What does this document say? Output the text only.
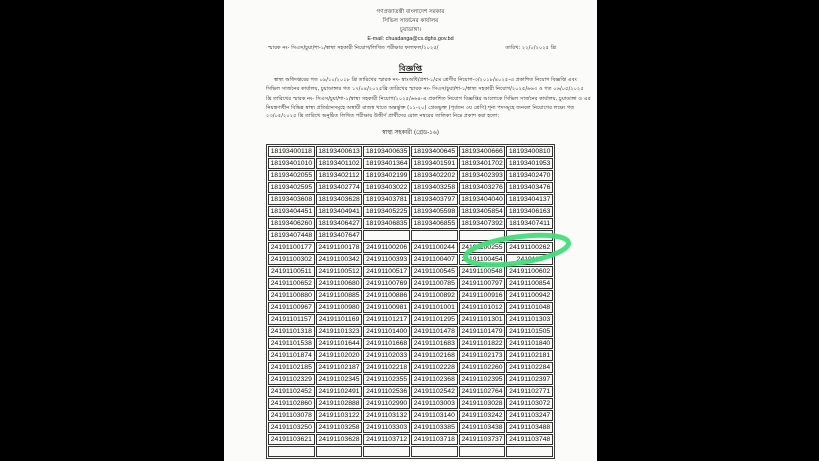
গণপ্রজাতন্ত্রী বাংলাদেশ সরকার
সিভিল সার্জনের কার্যালয়
চুয়াডাঙ্গা।
E-mail: chuadanga@cs.dghs.gov.bd
স্মারক নং- সিএস/চুয়া/শা-১/স্বাস্থ্য সহকারী নিয়োগ/লিখিত পরীক্ষার ফলাফল/২০২৫/	তারিখ: ২২/০/২০২৫ খ্রি
বিজ্ঞপ্তি
স্বাস্থ্য অধিদপ্তরের গত ০৯/১০/২০১৮ খ্রি তারিখের স্মারক নং- স্বাঃঅধি/প্রশা-১/৫ম শ্রেণীর নিয়োগ-৩/২০১৮/৪০২৫-এ প্রকাশিত নিয়োগ বিজ্ঞপ্তি এবং
সিভিল সার্জনের কার্যালয়, চুয়াডাঙ্গার গত ১৭/০৪/২০২৫খ্রি তারিখের স্মারক নং- সিএস/চুয়া/শা-১/স্বাস্থ্য সহকারী নিয়োগ/২০২৫/৬৬৩ ও গত ০৬/০৫/২০২৫
খ্রি তারিখের স্মারক নং- সিএস/চুয়া/শা-১/স্বাস্থ্য সহকারী নিয়োগ/২০২৫/৬৬৪-এ প্রকাশিত নিয়োগ বিজ্ঞপ্তির আলোকে সিভিল সার্জনের কার্যালয়, চুয়াডাঙ্গা ও এর
নিয়ন্ত্রণাধীন বিভিন্ন স্বাস্থ্য প্রতিষ্ঠানসমূহে অস্থায়ী রাজস্ব খাতে অন্তর্ভুক্ত (১১-২০) গ্রেডভুক্ত (পূর্বতন ৩য় শ্রেণি) শূন্য পদসমূহে জনবল নিয়োগের লক্ষ্যে গত
২৩/০৫/২০২৫ খ্রি তারিখে অনুষ্ঠিত লিখিত পরীক্ষায় উত্তীর্ণ প্রার্থীদের রোল নম্বরের তালিকা নিম্নে প্রকাশ করা হলো:
স্বাস্থ্য সহকারী (গ্রেড-১৬)
18193400118 18193400613 18193400635 18193400645 18193400666 18193400810
18193401010 18193401102 18193401364 18193401591 18193401702 18193401953
18193402055 18193402112 18193402199 18193402202 18193402393 18193402470
18193402595 18193402774 18193403022 18193403258 18193403276 18193403476
18193403608 18193403628 18193403781 18193403797 18193404040 18193404137
18193404451 18193404941 18193405225 18193405598 18193405854 18193406163
18193406260 18193406427 18193406835 18193406855 18193407392 18193407411
18193407448 18193407647
24191100177 24191100178 24191100206 24191100244 24191100255 24191100262
24191100302 24191100342 24191100393 24191100407 24191100454	2419110
24191100511	24191100512 24191100517 24191100545 24191100548 24191100602
24191100652 24191100680 24191100769 24191100785 24191100797 24191100854
24191100880 24191100885 24191100886 24191100892 24191100916 24191100942
24191100967 24191100980 24191100981 24191101001 24191101012 24191101048
24191101157	24191101169	24191101217 24191101295 24191101301 24191101303
24191101318 24191101323 24191101400 24191101478 24191101479 24191101505
24191101538 24191101644 24191101668 24191101683 24191101822 24191101840
24191101874 24191102020 24191102033 24191102168 24191102173 24191102181
24191102185 24191102187 24191102218 24191102228 24191102260 24191102284
24191102329 24191102345 24191102355 24191102368 24191102395 24191102397
24191102452 24191102491 24191102536 24191102542 24191102764 24191102771
24191102860 24191102888 24191102990 24191103003 24191103028 24191103072
24191103078 24191103122 24191103132 24191103140 24191103242 24191103247
24191103250 24191103258 24191103303 24191103385 24191103438 24191103488
24191103621 24191103628 24191103712 24191103718 24191103737 24191103748
